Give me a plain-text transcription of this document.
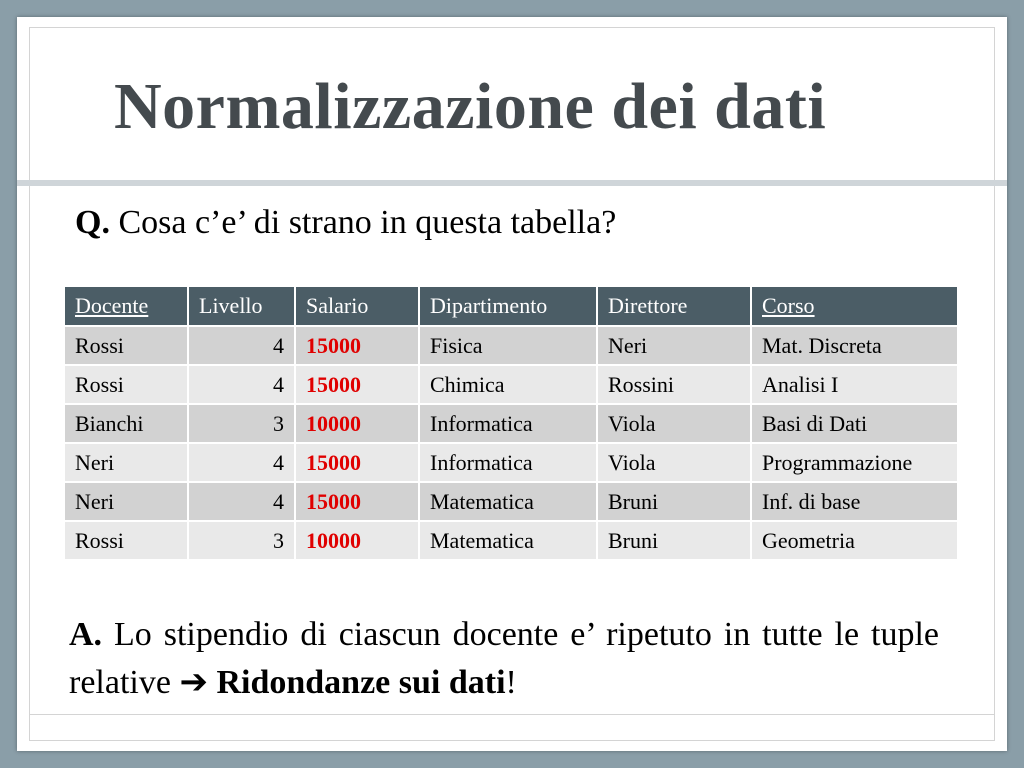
Normalizzazione dei dati
Q. Cosa c’e’ di strano in questa tabella?
Docente	Livello	Salario	Dipartimento	Direttore	Corso
Rossi	4	15000	Fisica	Neri	Mat. Discreta
Rossi	4	15000	Chimica	Rossini	Analisi I
Bianchi	3	10000	Informatica	Viola	Basi di Dati
Neri	4	15000	Informatica	Viola	Programmazione
Neri	4	15000	Matematica	Bruni	Inf. di base
Rossi	3	10000	Matematica	Bruni	Geometria
A. Lo stipendio di ciascun docente e’ ripetuto in tutte le tuple relative ➔ Ridondanze sui dati!
